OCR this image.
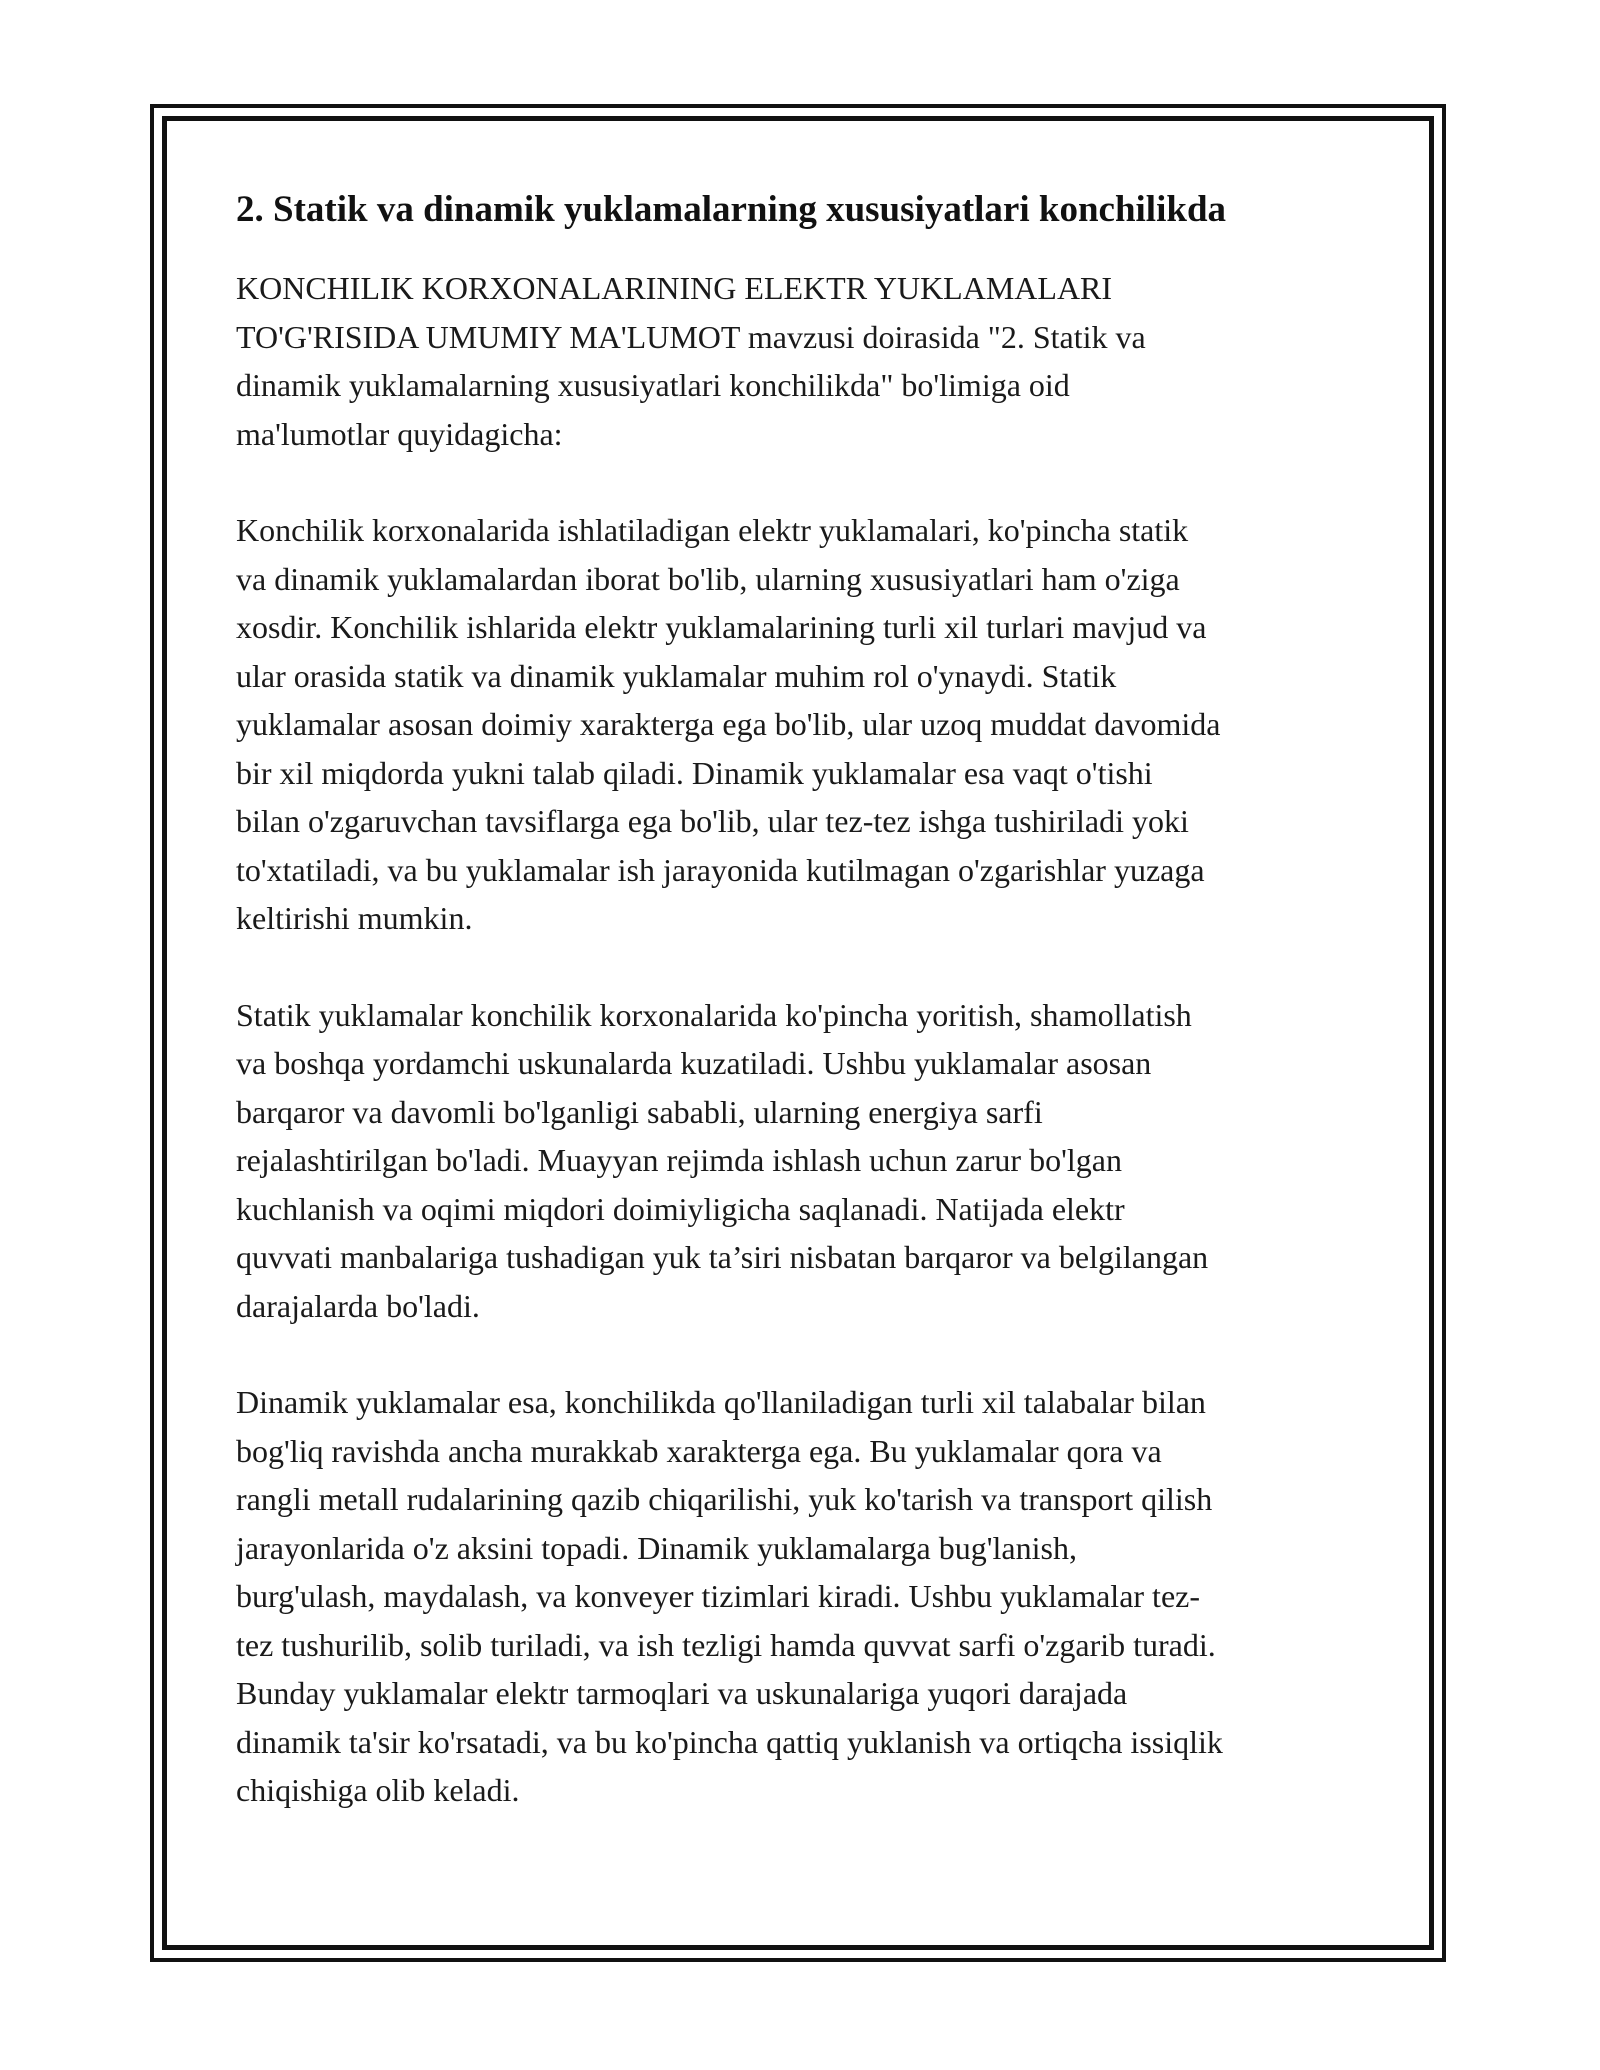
2. Statik va dinamik yuklamalarning xususiyatlari konchilikda

KONCHILIK KORXONALARINING ELEKTR YUKLAMALARI
TO'G'RISIDA UMUMIY MA'LUMOT mavzusi doirasida "2. Statik va
dinamik yuklamalarning xususiyatlari konchilikda" bo'limiga oid
ma'lumotlar quyidagicha:

Konchilik korxonalarida ishlatiladigan elektr yuklamalari, ko'pincha statik
va dinamik yuklamalardan iborat bo'lib, ularning xususiyatlari ham o'ziga
xosdir. Konchilik ishlarida elektr yuklamalarining turli xil turlari mavjud va
ular orasida statik va dinamik yuklamalar muhim rol o'ynaydi. Statik
yuklamalar asosan doimiy xarakterga ega bo'lib, ular uzoq muddat davomida
bir xil miqdorda yukni talab qiladi. Dinamik yuklamalar esa vaqt o'tishi
bilan o'zgaruvchan tavsiflarga ega bo'lib, ular tez-tez ishga tushiriladi yoki
to'xtatiladi, va bu yuklamalar ish jarayonida kutilmagan o'zgarishlar yuzaga
keltirishi mumkin.

Statik yuklamalar konchilik korxonalarida ko'pincha yoritish, shamollatish
va boshqa yordamchi uskunalarda kuzatiladi. Ushbu yuklamalar asosan
barqaror va davomli bo'lganligi sababli, ularning energiya sarfi
rejalashtirilgan bo'ladi. Muayyan rejimda ishlash uchun zarur bo'lgan
kuchlanish va oqimi miqdori doimiyligicha saqlanadi. Natijada elektr
quvvati manbalariga tushadigan yuk ta’siri nisbatan barqaror va belgilangan
darajalarda bo'ladi.

Dinamik yuklamalar esa, konchilikda qo'llaniladigan turli xil talabalar bilan
bog'liq ravishda ancha murakkab xarakterga ega. Bu yuklamalar qora va
rangli metall rudalarining qazib chiqarilishi, yuk ko'tarish va transport qilish
jarayonlarida o'z aksini topadi. Dinamik yuklamalarga bug'lanish,
burg'ulash, maydalash, va konveyer tizimlari kiradi. Ushbu yuklamalar tez-
tez tushurilib, solib turiladi, va ish tezligi hamda quvvat sarfi o'zgarib turadi.
Bunday yuklamalar elektr tarmoqlari va uskunalariga yuqori darajada
dinamik ta'sir ko'rsatadi, va bu ko'pincha qattiq yuklanish va ortiqcha issiqlik
chiqishiga olib keladi.
